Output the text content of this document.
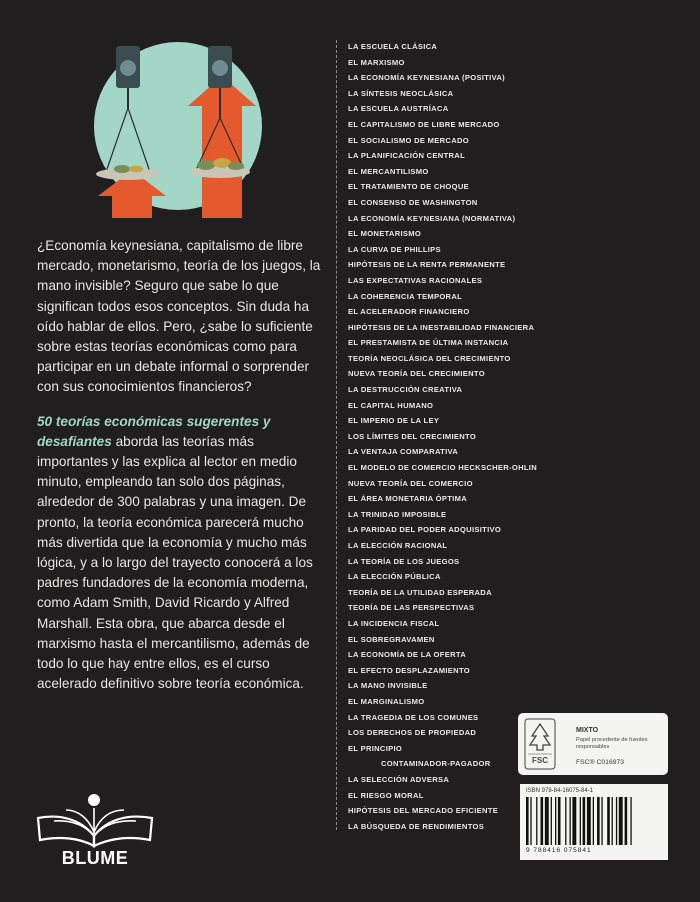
¿Economía keynesiana, capitalismo de libre mercado, monetarismo, teoría de los juegos, la mano invisible? Seguro que sabe lo que significan todos esos conceptos. Sin duda ha oído hablar de ellos. Pero, ¿sabe lo suficiente sobre estas teorías económicas como para participar en un debate informal o sorprender con sus conocimientos financieros?

50 teorías económicas sugerentes y desafiantes aborda las teorías más importantes y las explica al lector en medio minuto, empleando tan solo dos páginas, alrededor de 300 palabras y una imagen. De pronto, la teoría económica parecerá mucho más divertida que la economía y mucho más lógica, y a lo largo del trayecto conocerá a los padres fundadores de la economía moderna, como Adam Smith, David Ricardo y Alfred Marshall. Esta obra, que abarca desde el marxismo hasta el mercantilismo, además de todo lo que hay entre ellos, es el curso acelerado definitivo sobre teoría económica.

LA ESCUELA CLÁSICA
EL MARXISMO
LA ECONOMÍA KEYNESIANA (POSITIVA)
LA SÍNTESIS NEOCLÁSICA
LA ESCUELA AUSTRÍACA
EL CAPITALISMO DE LIBRE MERCADO
EL SOCIALISMO DE MERCADO
LA PLANIFICACIÓN CENTRAL
EL MERCANTILISMO
EL TRATAMIENTO DE CHOQUE
EL CONSENSO DE WASHINGTON
LA ECONOMÍA KEYNESIANA (NORMATIVA)
EL MONETARISMO
LA CURVA DE PHILLIPS
HIPÓTESIS DE LA RENTA PERMANENTE
LAS EXPECTATIVAS RACIONALES
LA COHERENCIA TEMPORAL
EL ACELERADOR FINANCIERO
HIPÓTESIS DE LA INESTABILIDAD FINANCIERA
EL PRESTAMISTA DE ÚLTIMA INSTANCIA
TEORÍA NEOCLÁSICA DEL CRECIMIENTO
NUEVA TEORÍA DEL CRECIMIENTO
LA DESTRUCCIÓN CREATIVA
EL CAPITAL HUMANO
EL IMPERIO DE LA LEY
LOS LÍMITES DEL CRECIMIENTO
LA VENTAJA COMPARATIVA
EL MODELO DE COMERCIO HECKSCHER-OHLIN
NUEVA TEORÍA DEL COMERCIO
EL ÁREA MONETARIA ÓPTIMA
LA TRINIDAD IMPOSIBLE
LA PARIDAD DEL PODER ADQUISITIVO
LA ELECCIÓN RACIONAL
LA TEORÍA DE LOS JUEGOS
LA ELECCIÓN PÚBLICA
TEORÍA DE LA UTILIDAD ESPERADA
TEORÍA DE LAS PERSPECTIVAS
LA INCIDENCIA FISCAL
EL SOBREGRAVAMEN
LA ECONOMÍA DE LA OFERTA
EL EFECTO DESPLAZAMIENTO
LA MANO INVISIBLE
EL MARGINALISMO
LA TRAGEDIA DE LOS COMUNES
LOS DERECHOS DE PROPIEDAD
EL PRINCIPIO
CONTAMINADOR-PAGADOR
LA SELECCIÓN ADVERSA
EL RIESGO MORAL
HIPÓTESIS DEL MERCADO EFICIENTE
LA BÚSQUEDA DE RENDIMIENTOS
FSC
MIXTO
Papel procedente de fuentes responsables
FSC® C016973
ISBN 978-84-16075-84-1
9 788416 075841
BLUME
